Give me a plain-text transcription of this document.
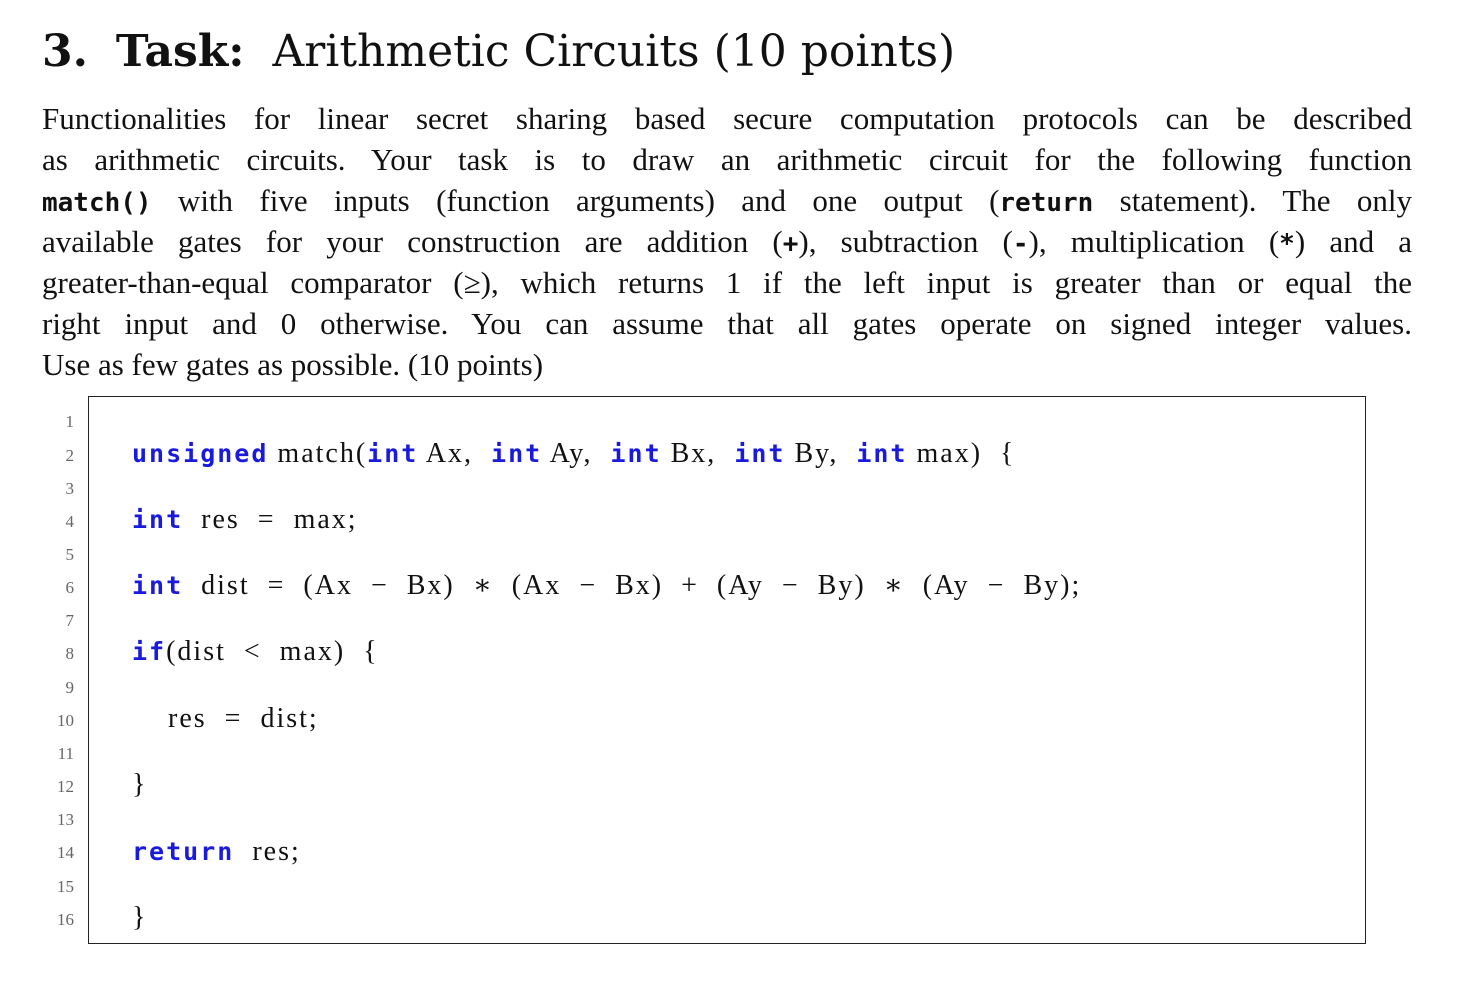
3. Task: Arithmetic Circuits (10 points)
Functionalities for linear secret sharing based secure computation protocols can be described
as arithmetic circuits. Your task is to draw an arithmetic circuit for the following function
match() with five inputs (function arguments) and one output (return statement). The only
available gates for your construction are addition (+), subtraction (-), multiplication (*) and a
greater-than-equal comparator (≥), which returns 1 if the left input is greater than or equal the
right input and 0 otherwise. You can assume that all gates operate on signed integer values.
Use as few gates as possible. (10 points)
1
2
3
4
5
6
7
8
9
10
11
12
13
14
15
16
unsigned match(int Ax,  int Ay,  int Bx,  int By,  int max)  {
int  res  =  max;
int  dist  =  (Ax  −  Bx)  ∗  (Ax  −  Bx)  +  (Ay  −  By)  ∗  (Ay  −  By);
if(dist  <  max)  {
res  =  dist;
}
return  res;
}
